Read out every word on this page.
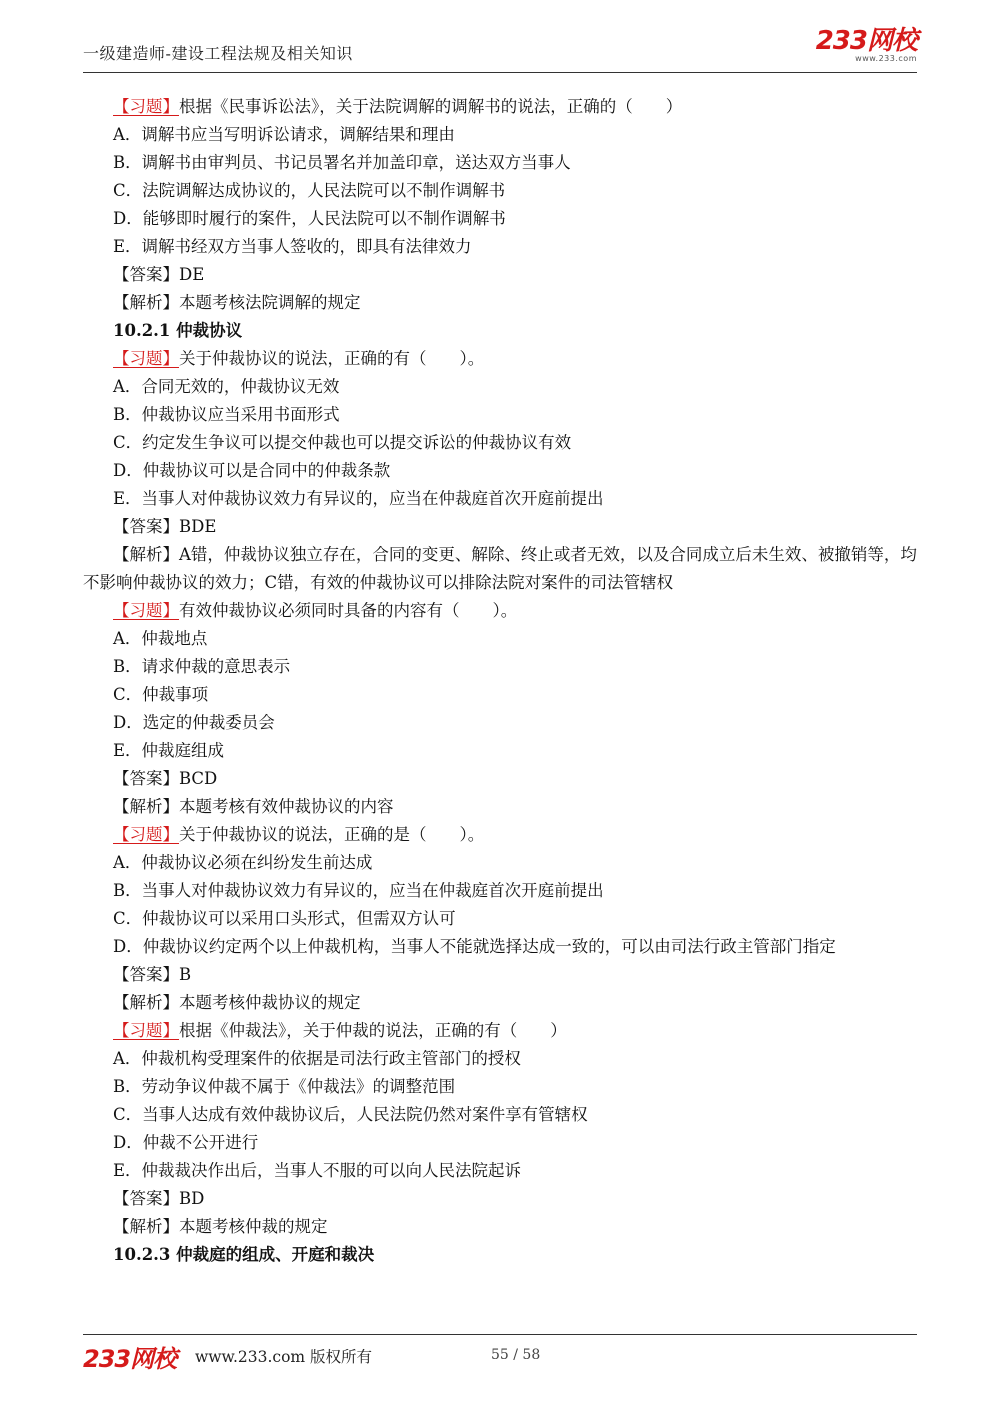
一级建造师-建设工程法规及相关知识	233网校
www.233.com
【习题】根据《民事诉讼法》，关于法院调解的调解书的说法，正确的（　　）
A．调解书应当写明诉讼请求，调解结果和理由
B．调解书由审判员、书记员署名并加盖印章，送达双方当事人
C．法院调解达成协议的，人民法院可以不制作调解书
D．能够即时履行的案件，人民法院可以不制作调解书
E．调解书经双方当事人签收的，即具有法律效力
【答案】DE
【解析】本题考核法院调解的规定
10.2.1 仲裁协议
【习题】关于仲裁协议的说法，正确的有（　　）。
A．合同无效的，仲裁协议无效
B．仲裁协议应当采用书面形式
C．约定发生争议可以提交仲裁也可以提交诉讼的仲裁协议有效
D．仲裁协议可以是合同中的仲裁条款
E．当事人对仲裁协议效力有异议的，应当在仲裁庭首次开庭前提出
【答案】BDE
【解析】A错，仲裁协议独立存在，合同的变更、解除、终止或者无效，以及合同成立后未生效、被撤销等，均不影响仲裁协议的效力；C错，有效的仲裁协议可以排除法院对案件的司法管辖权
【习题】有效仲裁协议必须同时具备的内容有（　　）。
A．仲裁地点
B．请求仲裁的意思表示
C．仲裁事项
D．选定的仲裁委员会
E．仲裁庭组成
【答案】BCD
【解析】本题考核有效仲裁协议的内容
【习题】关于仲裁协议的说法，正确的是（　　）。
A．仲裁协议必须在纠纷发生前达成
B．当事人对仲裁协议效力有异议的，应当在仲裁庭首次开庭前提出
C．仲裁协议可以采用口头形式，但需双方认可
D．仲裁协议约定两个以上仲裁机构，当事人不能就选择达成一致的，可以由司法行政主管部门指定
【答案】B
【解析】本题考核仲裁协议的规定
【习题】根据《仲裁法》，关于仲裁的说法，正确的有（　　）
A．仲裁机构受理案件的依据是司法行政主管部门的授权
B．劳动争议仲裁不属于《仲裁法》的调整范围
C．当事人达成有效仲裁协议后，人民法院仍然对案件享有管辖权
D．仲裁不公开进行
E．仲裁裁决作出后，当事人不服的可以向人民法院起诉
【答案】BD
【解析】本题考核仲裁的规定
10.2.3 仲裁庭的组成、开庭和裁决
233网校 www.233.com 版权所有	55 / 58
